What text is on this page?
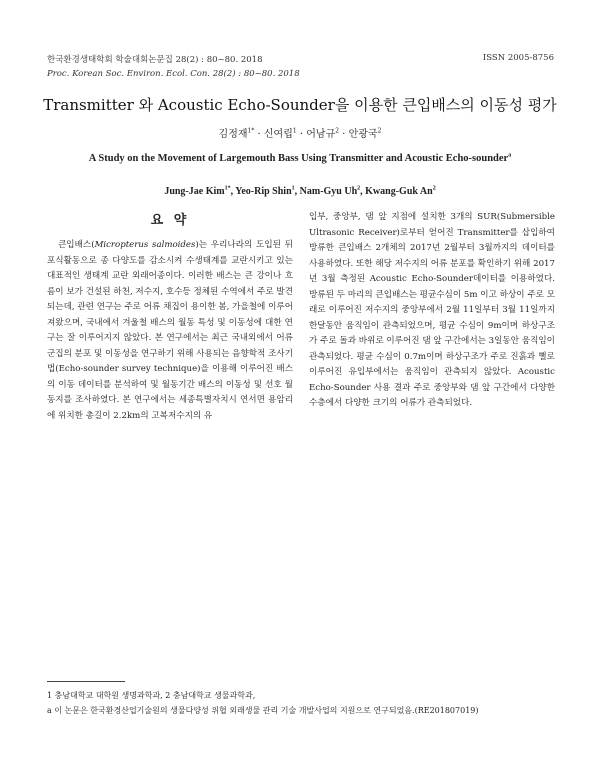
한국환경생태학회 학술대회논문집 28(2) : 80~80. 2018
Proc. Korean Soc. Environ. Ecol. Con. 28(2) : 80~80. 2018
ISSN 2005-8756
Transmitter 와 Acoustic Echo-Sounder을 이용한 큰입배스의 이동성 평가
김정재$^{1*}$ · 신여립$^1$ · 어남규$^2$ · 안광국$^2$
A Study on the Movement of Largemouth Bass Using Transmitter and Acoustic Echo-sounder$^a$
Jung-Jae Kim$^{1*}$, Yeo-Rip Shin$^1$, Nam-Gyu Uh$^2$, Kwang-Guk An$^2$
요 약
큰입배스(Micropterus salmoides)는 우리나라의 도입된 뒤 포식활동으로 종 다양도를 감소시켜 수생태계를 교란시키고 있는 대표적인 생태계 교란 외래어종이다. 이러한 배스는 큰 강이나 흐름이 보가 건설된 하천, 저수지, 호수등 정체된 수역에서 주로 발견되는데, 관련 연구는 주로 어류 채집이 용이한 봄, 가을철에 이루어져왔으며, 국내에서 겨울철 배스의 월동 특성 및 이동성에 대한 연구는 잘 이루어지지 않았다. 본 연구에서는 최근 국내외에서 어류군집의 분포 및 이동성을 연구하기 위해 사용되는 음향학적 조사기법(Echo-sounder survey technique)을 이용해 이루어진 배스의 이동 데이터를 분석하여 및 월동기간 배스의 이동성 및 선호 월동지를 조사하였다. 본 연구에서는 세종특별자치시 연서면 용암리에 위치한 총길이 2.2km의 고복저수지의 유
입부, 중앙부, 댐 앞 지점에 설치한 3개의 SUR(Submersible Ultrasonic Receiver)로부터 얻어진 Transmitter를 삽입하여 방류한 큰입배스 2개체의 2017년 2월부터 3월까지의 데이터를 사용하였다. 또한 해당 저수지의 어류 분포를 확인하기 위해 2017년 3월 측정된 Acoustic Echo-Sounder데이터를 이용하였다. 방류된 두 마리의 큰입배스는 평균수심이 5m 이고 하상이 주로 모래로 이루어진 저수지의 중앙부에서 2월 11일부터 3월 11일까지 한달동안 움직임이 관측되었으며, 평균 수심이 9m이며 하상구조가 주로 돌과 바위로 이루어진 댐 앞 구간에서는 3일동안 움직임이 관측되었다. 평균 수심이 0.7m이며 하상구조가 주로 진흙과 뻘로 이루어진 유입부에서는 움직임이 관측되지 않았다. Acoustic Echo-Sounder 사용 결과 주로 중앙부와 댐 앞 구간에서 다양한 수층에서 다양한 크기의 어류가 관측되었다.
1 충남대학교 대학원 생명과학과, 2 충남대학교 생물과학과,
a 이 논문은 한국환경산업기술원의 생물다양성 위협 외래생물 관리 기술 개발사업의 지원으로 연구되었음.(RE201807019)
